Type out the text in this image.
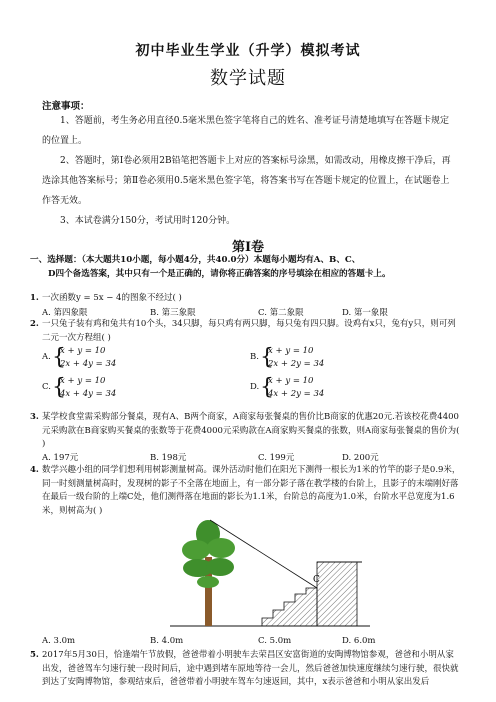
初中毕业生学业（升学）模拟考试
数学试题
注意事项：
1、答题前，考生务必用直径0.5毫米黑色签字笔将自己的姓名、准考证号清楚地填写在答题卡规定的位置上。
2、答题时，第Ⅰ卷必须用2B铅笔把答题卡上对应的答案标号涂黑，如需改动，用橡皮擦干净后，再选涂其他答案标号；第Ⅱ卷必须用0.5毫米黑色签字笔，将答案书写在答题卡规定的位置上，在试题卷上作答无效。
3、本试卷满分150分，考试用时120分钟。
第Ⅰ卷
一、选择题：（本大题共10小题，每小题4分，共40.0分）本题每小题均有A、B、C、
D四个备选答案，其中只有一个是正确的，请你将正确答案的序号填涂在相应的答题卡上。
1. 一次函数y = 5x − 4的图象不经过( )
A. 第四象限	B. 第三象限	C. 第二象限	D. 第一象限
2. 一只兔子装有鸡和兔共有10个头，34只脚，每只鸡有两只脚，每只兔有四只脚。设鸡有x只，兔有y只，则可列二元一次方程组( )
A. {
x + y = 10
2x + 4y = 34
B. {
x + y = 10
2x + 2y = 34
C. {
x + y = 10
4x + 4y = 34
D. {
x + y = 10
4x + 2y = 34
3. 某学校食堂需采购部分餐桌，现有A、B两个商家，A商家每张餐桌的售价比B商家的优惠20元.若该校花费4400元采购款在B商家购买餐桌的张数等于花费4000元采购款在A商家购买餐桌的张数，则A商家每张餐桌的售价为( )
A. 197元	B. 198元	C. 199元	D. 200元
4. 数学兴趣小组的同学们想利用树影测量树高。课外活动时他们在阳光下测得一根长为1米的竹竿的影子是0.9米，同一时刻测量树高时，发现树的影子不全落在地面上，有一部分影子落在教学楼的台阶上，且影子的末端刚好落在最后一级台阶的上端C处，他们测得落在地面的影长为1.1米，台阶总的高度为1.0米，台阶水平总宽度为1.6米，则树高为( )
C
A. 3.0m	B. 4.0m	C. 5.0m	D. 6.0m
5. 2017年5月30日，恰逢端午节放假，爸爸带着小明驶车去荣昌区安富街道的安陶博物馆参观，爸爸和小明从家出发，爸爸驾车匀速行驶一段时间后，途中遇到堵车原地等待一会儿，然后爸爸加快速度继续匀速行驶，很快就到达了安陶博物馆，参观结束后，爸爸带着小明驶车驾车匀速返回，其中，x表示爸爸和小明从家出发后
